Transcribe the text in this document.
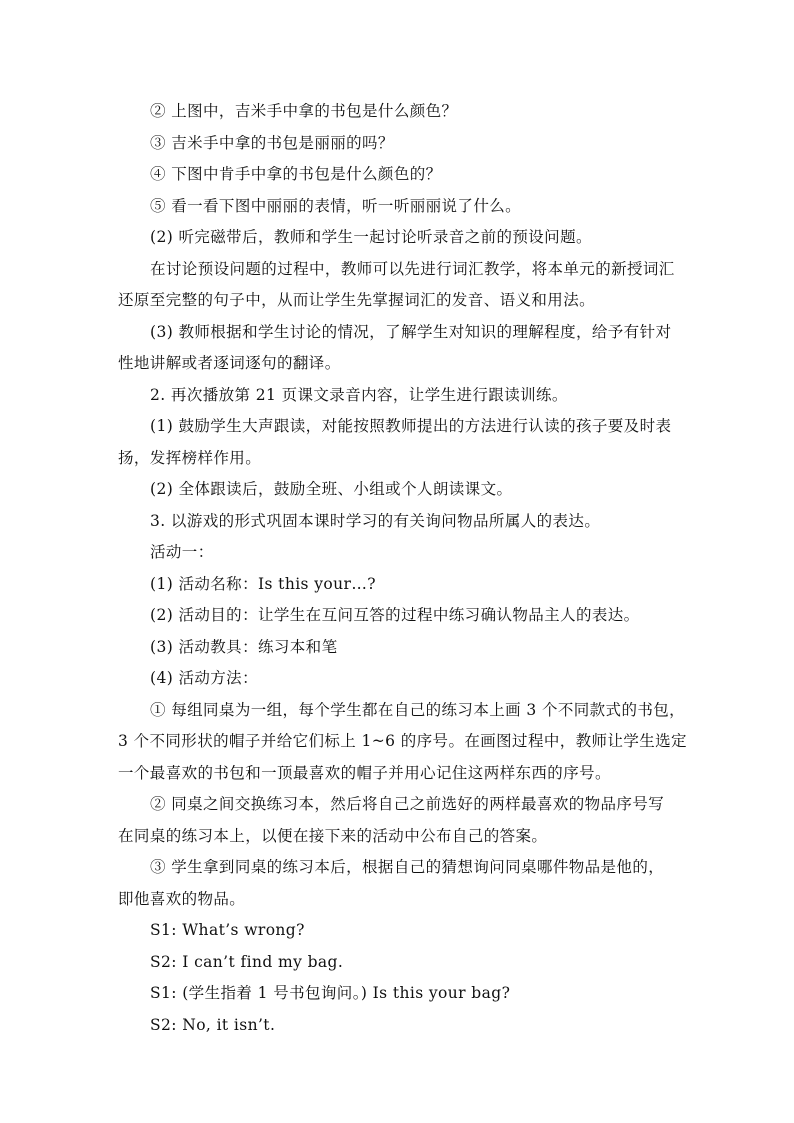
② 上图中，吉米手中拿的书包是什么颜色？
③ 吉米手中拿的书包是丽丽的吗？
④ 下图中肯手中拿的书包是什么颜色的？
⑤ 看一看下图中丽丽的表情，听一听丽丽说了什么。
(2) 听完磁带后，教师和学生一起讨论听录音之前的预设问题。
在讨论预设问题的过程中，教师可以先进行词汇教学，将本单元的新授词汇
还原至完整的句子中，从而让学生先掌握词汇的发音、语义和用法。
(3) 教师根据和学生讨论的情况，了解学生对知识的理解程度，给予有针对
性地讲解或者逐词逐句的翻译。
2. 再次播放第 21 页课文录音内容，让学生进行跟读训练。
(1) 鼓励学生大声跟读，对能按照教师提出的方法进行认读的孩子要及时表
扬，发挥榜样作用。
(2) 全体跟读后，鼓励全班、小组或个人朗读课文。
3. 以游戏的形式巩固本课时学习的有关询问物品所属人的表达。
活动一：
(1) 活动名称：Is this your…?
(2) 活动目的：让学生在互问互答的过程中练习确认物品主人的表达。
(3) 活动教具：练习本和笔
(4) 活动方法：
① 每组同桌为一组，每个学生都在自己的练习本上画 3 个不同款式的书包，
3 个不同形状的帽子并给它们标上 1~6 的序号。在画图过程中，教师让学生选定
一个最喜欢的书包和一顶最喜欢的帽子并用心记住这两样东西的序号。
② 同桌之间交换练习本，然后将自己之前选好的两样最喜欢的物品序号写
在同桌的练习本上，以便在接下来的活动中公布自己的答案。
③ 学生拿到同桌的练习本后，根据自己的猜想询问同桌哪件物品是他的，
即他喜欢的物品。
S1: What’s wrong?
S2: I can’t find my bag.
S1: (学生指着 1 号书包询问。) Is this your bag?
S2: No, it isn’t.
